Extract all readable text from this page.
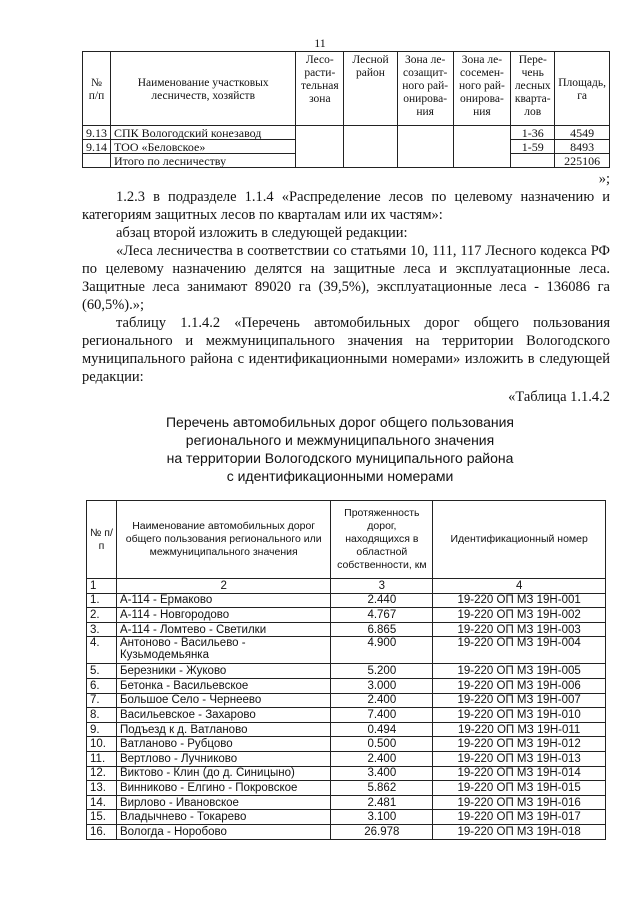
11
№ п/п	Наименование участковых лесничеств, хозяйств	Лесо-расти-тельная зона	Лесной район	Зона ле-созащит-ного рай-онирова-ния	Зона ле-сосемен-ного рай-онирова-ния	Пере-чень лесных кварта-лов	Площадь, га
9.13	СПК Вологодский конезавод					1-36	4549
9.14	ТОО «Беловское»					1-59	8493
	Итого по лесничеству						225106
»;

1.2.3 в подразделе 1.1.4 «Распределение лесов по целевому назначению и категориям защитных лесов по кварталам или их частям»:

абзац второй изложить в следующей редакции:

«Леса лесничества в соответствии со статьями 10, 111, 117 Лесного кодекса РФ по целевому назначению делятся на защитные леса и эксплуатационные леса. Защитные леса занимают 89020 га (39,5%), эксплуатационные леса - 136086 га (60,5%).»;

таблицу 1.1.4.2 «Перечень автомобильных дорог общего пользования регионального и межмуниципального значения на территории Вологодского муниципального района с идентификационными номерами» изложить в следующей редакции:

«Таблица 1.1.4.2

Перечень автомобильных дорог общего пользования
регионального и межмуниципального значения
на территории Вологодского муниципального района
с идентификационными номерами
№ п/п	Наименование автомобильных дорог общего пользования регионального или межмуниципального значения	Протяженность дорог, находящихся в областной собственности, км	Идентификационный номер
1	2	3	4
1.	А-114 - Ермаково	2.440	19-220 ОП МЗ 19Н-001
2.	А-114 - Новгородово	4.767	19-220 ОП МЗ 19Н-002
3.	А-114 - Ломтево - Светилки	6.865	19-220 ОП МЗ 19Н-003
4.	Антоново - Васильево - Кузьмодемьянка	4.900	19-220 ОП МЗ 19Н-004
5.	Березники - Жуково	5.200	19-220 ОП МЗ 19Н-005
6.	Бетонка - Васильевское	3.000	19-220 ОП МЗ 19Н-006
7.	Большое Село - Чернеево	2.400	19-220 ОП МЗ 19Н-007
8.	Васильевское - Захарово	7.400	19-220 ОП МЗ 19Н-010
9.	Подъезд к д. Ватланово	0.494	19-220 ОП МЗ 19Н-011
10.	Ватланово - Рубцово	0.500	19-220 ОП МЗ 19Н-012
11.	Вертлово - Лучниково	2.400	19-220 ОП МЗ 19Н-013
12.	Виктово - Клин (до д. Синицыно)	3.400	19-220 ОП МЗ 19Н-014
13.	Винниково - Елгино - Покровское	5.862	19-220 ОП МЗ 19Н-015
14.	Вирлово - Ивановское	2.481	19-220 ОП МЗ 19Н-016
15.	Владычнево - Токарево	3.100	19-220 ОП МЗ 19Н-017
16.	Вологда - Норобово	26.978	19-220 ОП МЗ 19Н-018
